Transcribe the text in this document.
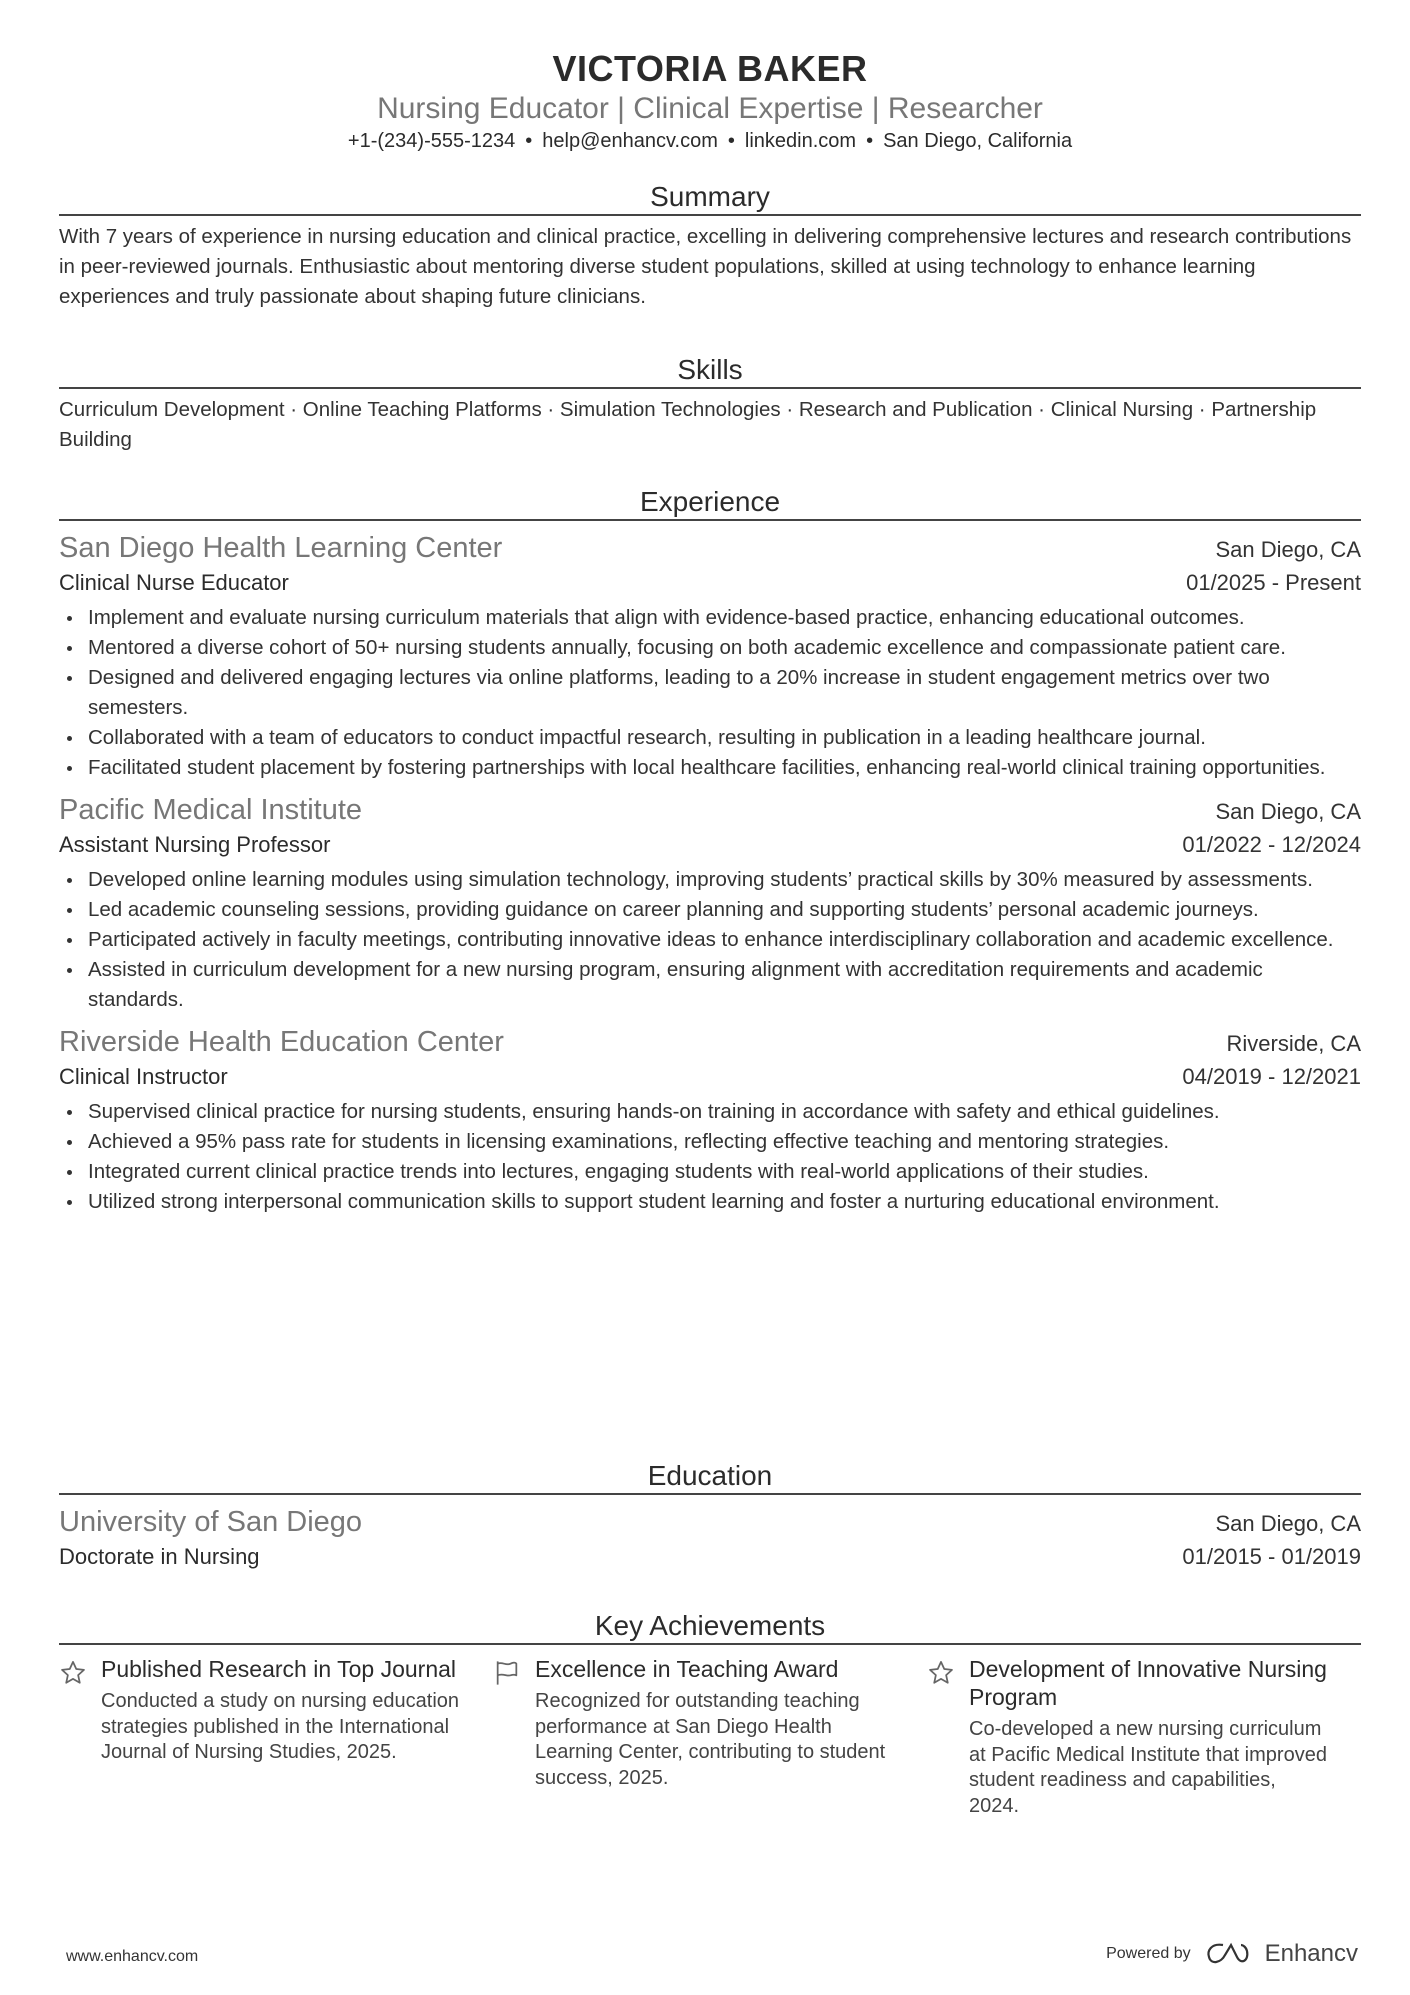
VICTORIA BAKER
Nursing Educator | Clinical Expertise | Researcher
+1-(234)-555-1234 • help@enhancv.com • linkedin.com • San Diego, California
Summary

With 7 years of experience in nursing education and clinical practice, excelling in delivering comprehensive lectures and research contributions in peer-reviewed journals. Enthusiastic about mentoring diverse student populations, skilled at using technology to enhance learning experiences and truly passionate about shaping future clinicians.

Skills

Curriculum Development · Online Teaching Platforms · Simulation Technologies · Research and Publication · Clinical Nursing · Partnership Building

Experience
San Diego Health Learning Center	San Diego, CA
Clinical Nurse Educator	01/2025 - Present
Implement and evaluate nursing curriculum materials that align with evidence-based practice, enhancing educational outcomes.
Mentored a diverse cohort of 50+ nursing students annually, focusing on both academic excellence and compassionate patient care.
Designed and delivered engaging lectures via online platforms, leading to a 20% increase in student engagement metrics over two semesters.
Collaborated with a team of educators to conduct impactful research, resulting in publication in a leading healthcare journal.
Facilitated student placement by fostering partnerships with local healthcare facilities, enhancing real-world clinical training opportunities.
Pacific Medical Institute	San Diego, CA
Assistant Nursing Professor	01/2022 - 12/2024
Developed online learning modules using simulation technology, improving students’ practical skills by 30% measured by assessments.
Led academic counseling sessions, providing guidance on career planning and supporting students’ personal academic journeys.
Participated actively in faculty meetings, contributing innovative ideas to enhance interdisciplinary collaboration and academic excellence.
Assisted in curriculum development for a new nursing program, ensuring alignment with accreditation requirements and academic standards.
Riverside Health Education Center	Riverside, CA
Clinical Instructor	04/2019 - 12/2021
Supervised clinical practice for nursing students, ensuring hands-on training in accordance with safety and ethical guidelines.
Achieved a 95% pass rate for students in licensing examinations, reflecting effective teaching and mentoring strategies.
Integrated current clinical practice trends into lectures, engaging students with real-world applications of their studies.
Utilized strong interpersonal communication skills to support student learning and foster a nurturing educational environment.
Education
University of San Diego	San Diego, CA
Doctorate in Nursing	01/2015 - 01/2019
Key Achievements
Published Research in Top Journal
Conducted a study on nursing education strategies published in the International Journal of Nursing Studies, 2025.
Excellence in Teaching Award
Recognized for outstanding teaching performance at San Diego Health Learning Center, contributing to student success, 2025.
Development of Innovative Nursing Program
Co-developed a new nursing curriculum at Pacific Medical Institute that improved student readiness and capabilities, 2024.
www.enhancv.com	Powered by	Enhancv
